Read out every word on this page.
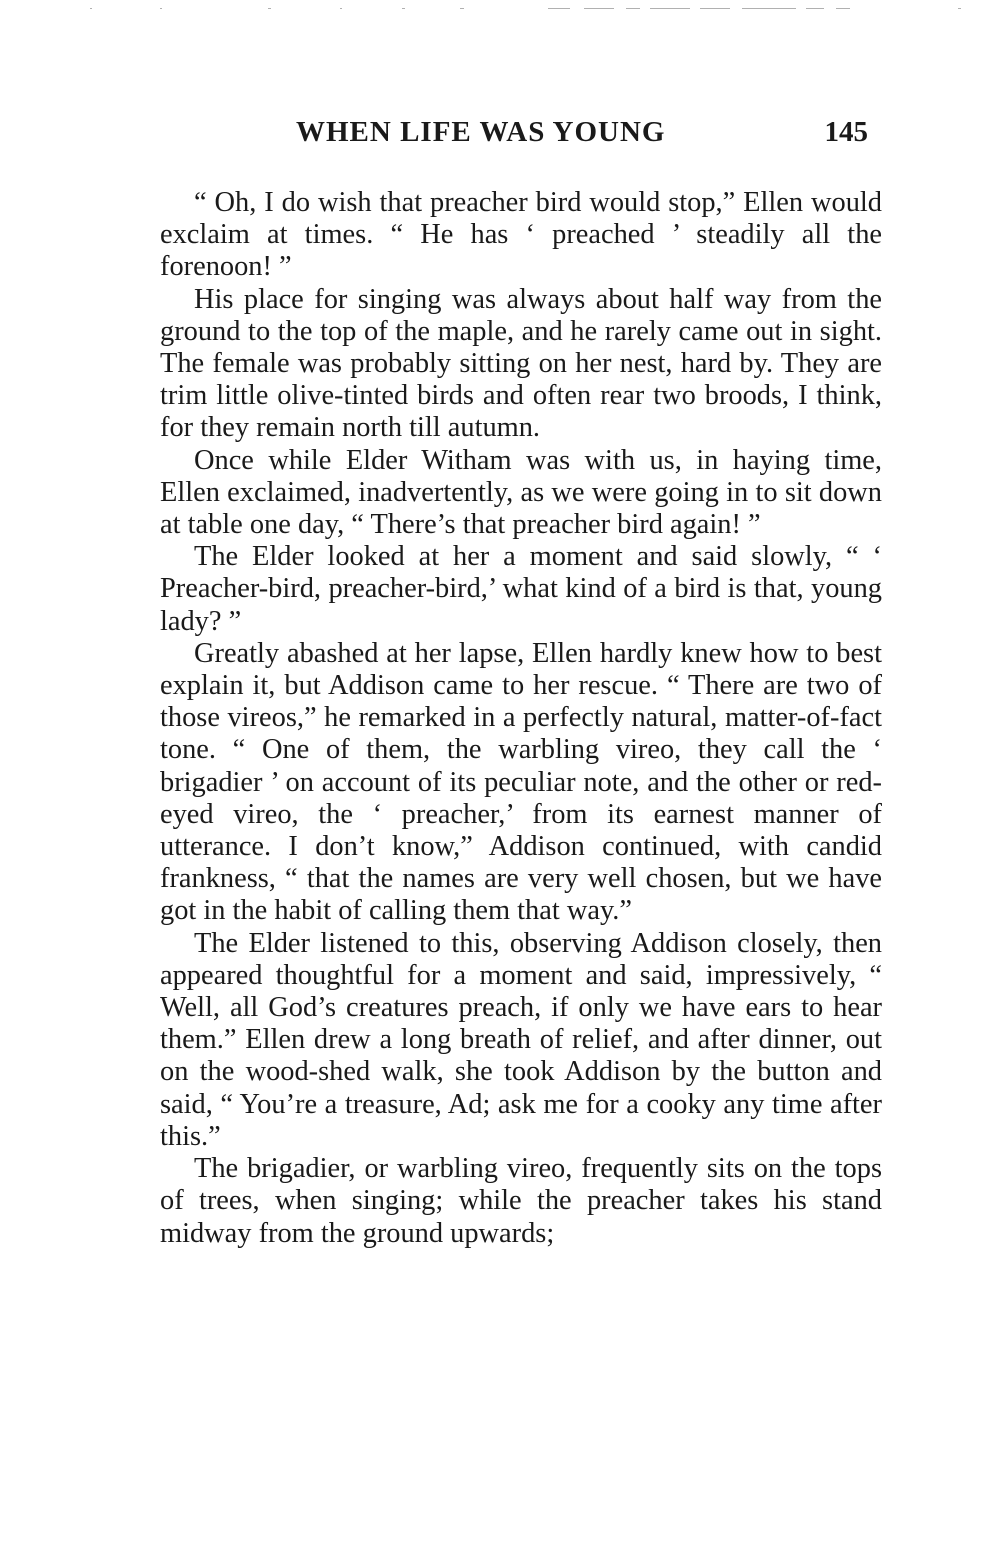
WHEN LIFE WAS YOUNG	145

“ Oh, I do wish that preacher bird would stop,” Ellen would exclaim at times. “ He has ‘ preached ’ steadily all the forenoon! ”

His place for singing was always about half way from the ground to the top of the maple, and he rarely came out in sight. The female was probably sitting on her nest, hard by. They are trim little olive-tinted birds and often rear two broods, I think, for they remain north till autumn.

Once while Elder Witham was with us, in haying time, Ellen exclaimed, inadvertently, as we were going in to sit down at table one day, “ There’s that preacher bird again! ”

The Elder looked at her a moment and said slowly, “ ‘ Preacher-bird, preacher-bird,’ what kind of a bird is that, young lady? ”

Greatly abashed at her lapse, Ellen hardly knew how to best explain it, but Addison came to her rescue. “ There are two of those vireos,” he remarked in a perfectly natural, matter-of-fact tone. “ One of them, the warbling vireo, they call the ‘ brigadier ’ on account of its peculiar note, and the other or red-eyed vireo, the ‘ preacher,’ from its earnest manner of utterance. I don’t know,” Addison continued, with candid frankness, “ that the names are very well chosen, but we have got in the habit of calling them that way.”

The Elder listened to this, observing Addison closely, then appeared thoughtful for a moment and said, impressively, “ Well, all God’s creatures preach, if only we have ears to hear them.” Ellen drew a long breath of relief, and after dinner, out on the wood-shed walk, she took Addison by the button and said, “ You’re a treasure, Ad; ask me for a cooky any time after this.”

The brigadier, or warbling vireo, frequently sits on the tops of trees, when singing; while the preacher takes his stand midway from the ground upwards;
